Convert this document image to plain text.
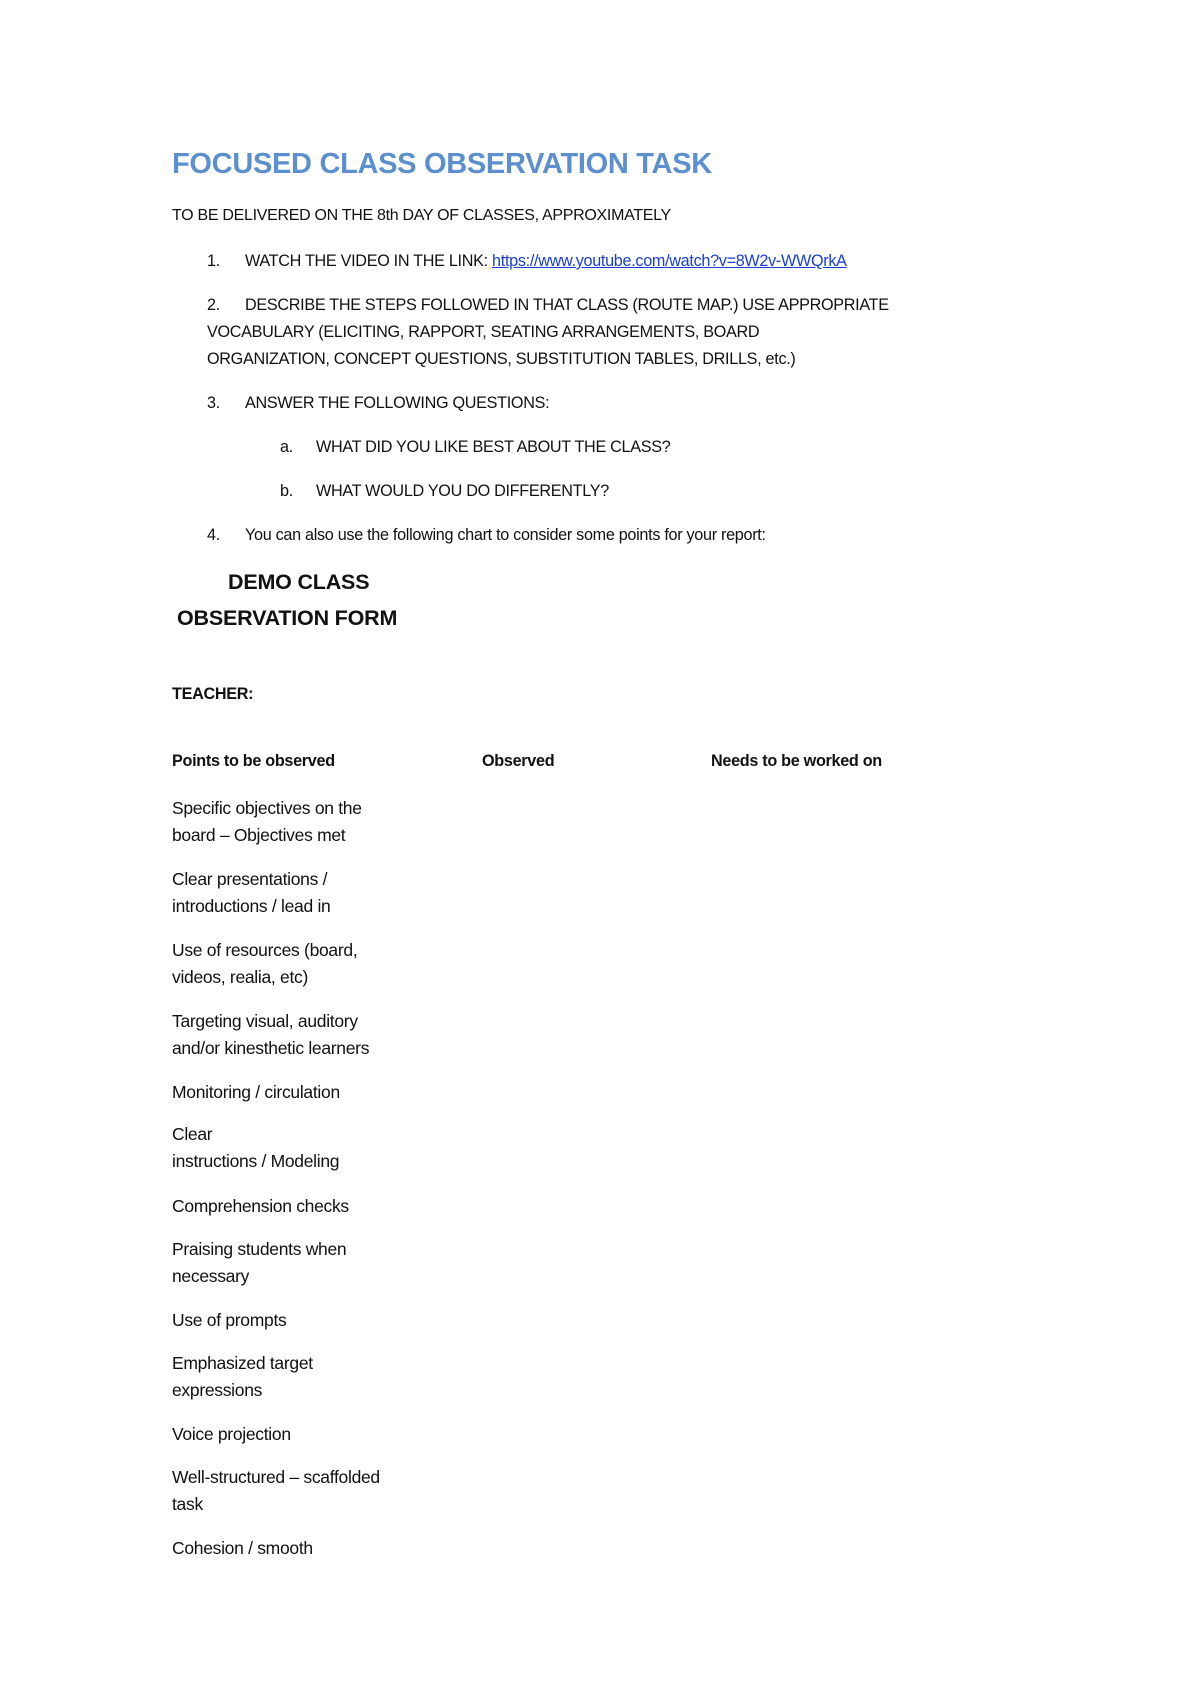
FOCUSED CLASS OBSERVATION TASK
TO BE DELIVERED ON THE 8th DAY OF CLASSES, APPROXIMATELY
1. WATCH THE VIDEO IN THE LINK: https://www.youtube.com/watch?v=8W2v-WWQrkA
2. DESCRIBE THE STEPS FOLLOWED IN THAT CLASS (ROUTE MAP.) USE APPROPRIATE
VOCABULARY (ELICITING, RAPPORT, SEATING ARRANGEMENTS, BOARD
ORGANIZATION, CONCEPT QUESTIONS, SUBSTITUTION TABLES, DRILLS, etc.)
3. ANSWER THE FOLLOWING QUESTIONS:
a. WHAT DID YOU LIKE BEST ABOUT THE CLASS?
b. WHAT WOULD YOU DO DIFFERENTLY?
4. You can also use the following chart to consider some points for your report:
DEMO CLASS
OBSERVATION FORM
TEACHER:
Points to be observed	Observed	Needs to be worked on
Specific objectives on the
board – Objectives met
Clear presentations /
introductions / lead in
Use of resources (board,
videos, realia, etc)
Targeting visual, auditory
and/or kinesthetic learners
Monitoring / circulation
Clear
instructions / Modeling
Comprehension checks
Praising students when
necessary
Use of prompts
Emphasized target
expressions
Voice projection
Well-structured – scaffolded
task
Cohesion / smooth
